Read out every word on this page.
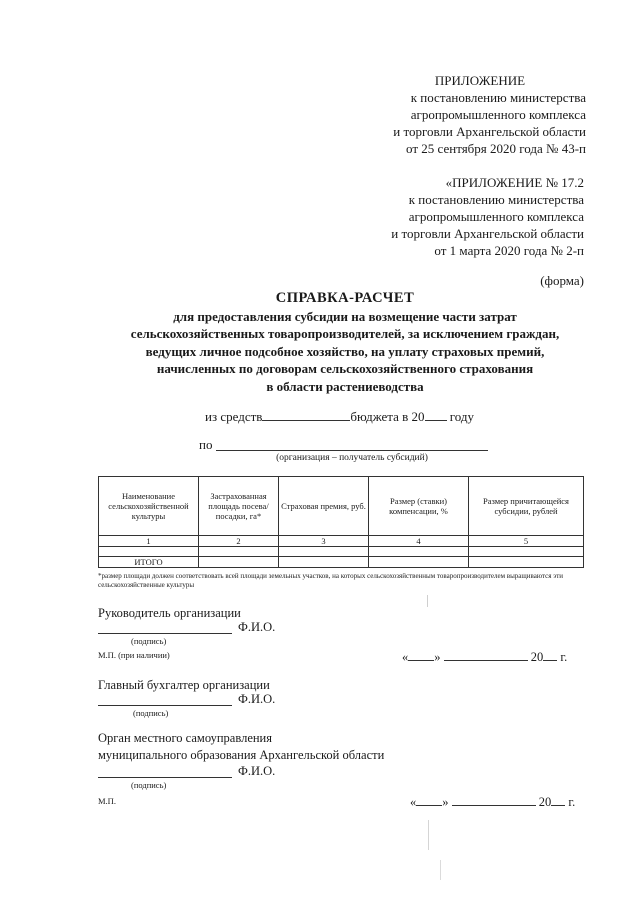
ПРИЛОЖЕНИЕ
к постановлению министерства
агропромышленного комплекса
и торговли Архангельской области
от 25 сентября 2020 года № 43-п
«ПРИЛОЖЕНИЕ № 17.2
к постановлению министерства
агропромышленного комплекса
и торговли Архангельской области
от 1 марта 2020 года № 2-п
(форма)
СПРАВКА-РАСЧЕТ
для предоставления субсидии на возмещение части затрат
сельскохозяйственных товаропроизводителей, за исключением граждан,
ведущих личное подсобное хозяйство, на уплату страховых премий,
начисленных по договорам сельскохозяйственного страхования
в области растениеводства
из средств	бюджета в 20 году
по
(организация – получатель субсидий)
Наименование сельскохозяйственной культуры	Застрахованная площадь посева/посадки, га*	Страховая премия, руб.	Размер (ставки) компенсации, %	Размер причитающейся субсидии, рублей
1	2	3	4	5

ИТОГО				
*размер площади должен соответствовать всей площади земельных участков, на которых сельскохозяйственным товаропроизводителем выращиваются эти сельскохозяйственные культуры
Руководитель организации
Ф.И.О.
(подпись)
М.П. (при наличии)	« »	20 г.
Главный бухгалтер организации
Ф.И.О.
(подпись)
Орган местного самоуправления
муниципального образования Архангельской области
Ф.И.О.
(подпись)
М.П.	« »	20 г.
